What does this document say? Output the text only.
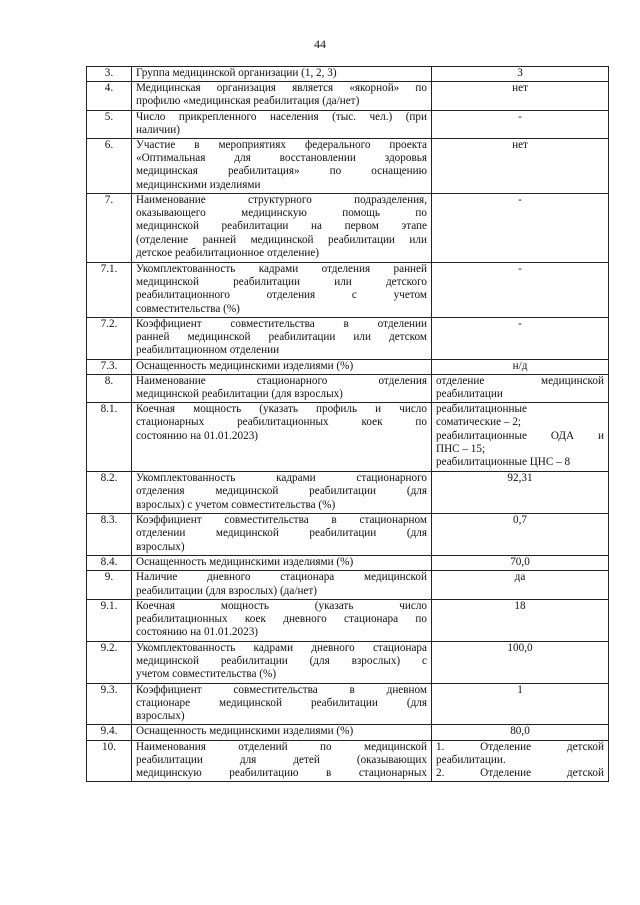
44
3.	Группа медицинской организации (1, 2, 3)	3

4.	Медицинская организация является «якорной» по
профилю «медицинская реабилитация (да/нет)	нет

5.	Число прикрепленного населения (тыс. чел.) (при
наличии)	-

6.	Участие в мероприятиях федерального проекта
«Оптимальная для восстановлении здоровья
медицинская реабилитация» по оснащению
медицинскими изделиями	нет

7.	Наименование структурного подразделения,
оказывающего медицинскую помощь по
медицинской реабилитации на первом этапе
(отделение ранней медицинской реабилитации или
детское реабилитационное отделение)	-

7.1.	Укомплектованность кадрами отделения ранней
медицинской реабилитации или детского
реабилитационного отделения с учетом
совместительства (%)	-

7.2.	Коэффициент совместительства в отделении
ранней медицинской реабилитации или детском
реабилитационном отделении	-

7.3.	Оснащенность медицинскими изделиями (%)	н/д

8.	Наименование стационарного отделения
медицинской реабилитации (для взрослых)	отделение медицинской
реабилитации

8.1.	Коечная мощность (указать профиль и число
стационарных реабилитационных коек по
состоянию на 01.01.2023)	реабилитационные
соматические – 2;
реабилитационные ОДА и
ПНС – 15;
реабилитационные ЦНС – 8

8.2.	Укомплектованность кадрами стационарного
отделения медицинской реабилитации (для
взрослых) с учетом совместительства (%)	92,31

8.3.	Коэффициент совместительства в стационарном
отделении медицинской реабилитации (для
взрослых)	0,7

8.4.	Оснащенность медицинскими изделиями (%)	70,0

9.	Наличие дневного стационара медицинской
реабилитации (для взрослых) (да/нет)	да

9.1.	Коечная мощность (указать число
реабилитационных коек дневного стационара по
состоянию на 01.01.2023)	18

9.2.	Укомплектованность кадрами дневного стационара
медицинской реабилитации (для взрослых) с
учетом совместительства (%)	100,0

9.3.	Коэффициент совместительства в дневном
стационаре медицинской реабилитации (для
взрослых)	1

9.4.	Оснащенность медицинскими изделиями (%)	80,0

10.	Наименования отделений по медицинской
реабилитации для детей (оказывающих
медицинскую реабилитацию в стационарных	1. Отделение детской
реабилитации.
2. Отделение детской
